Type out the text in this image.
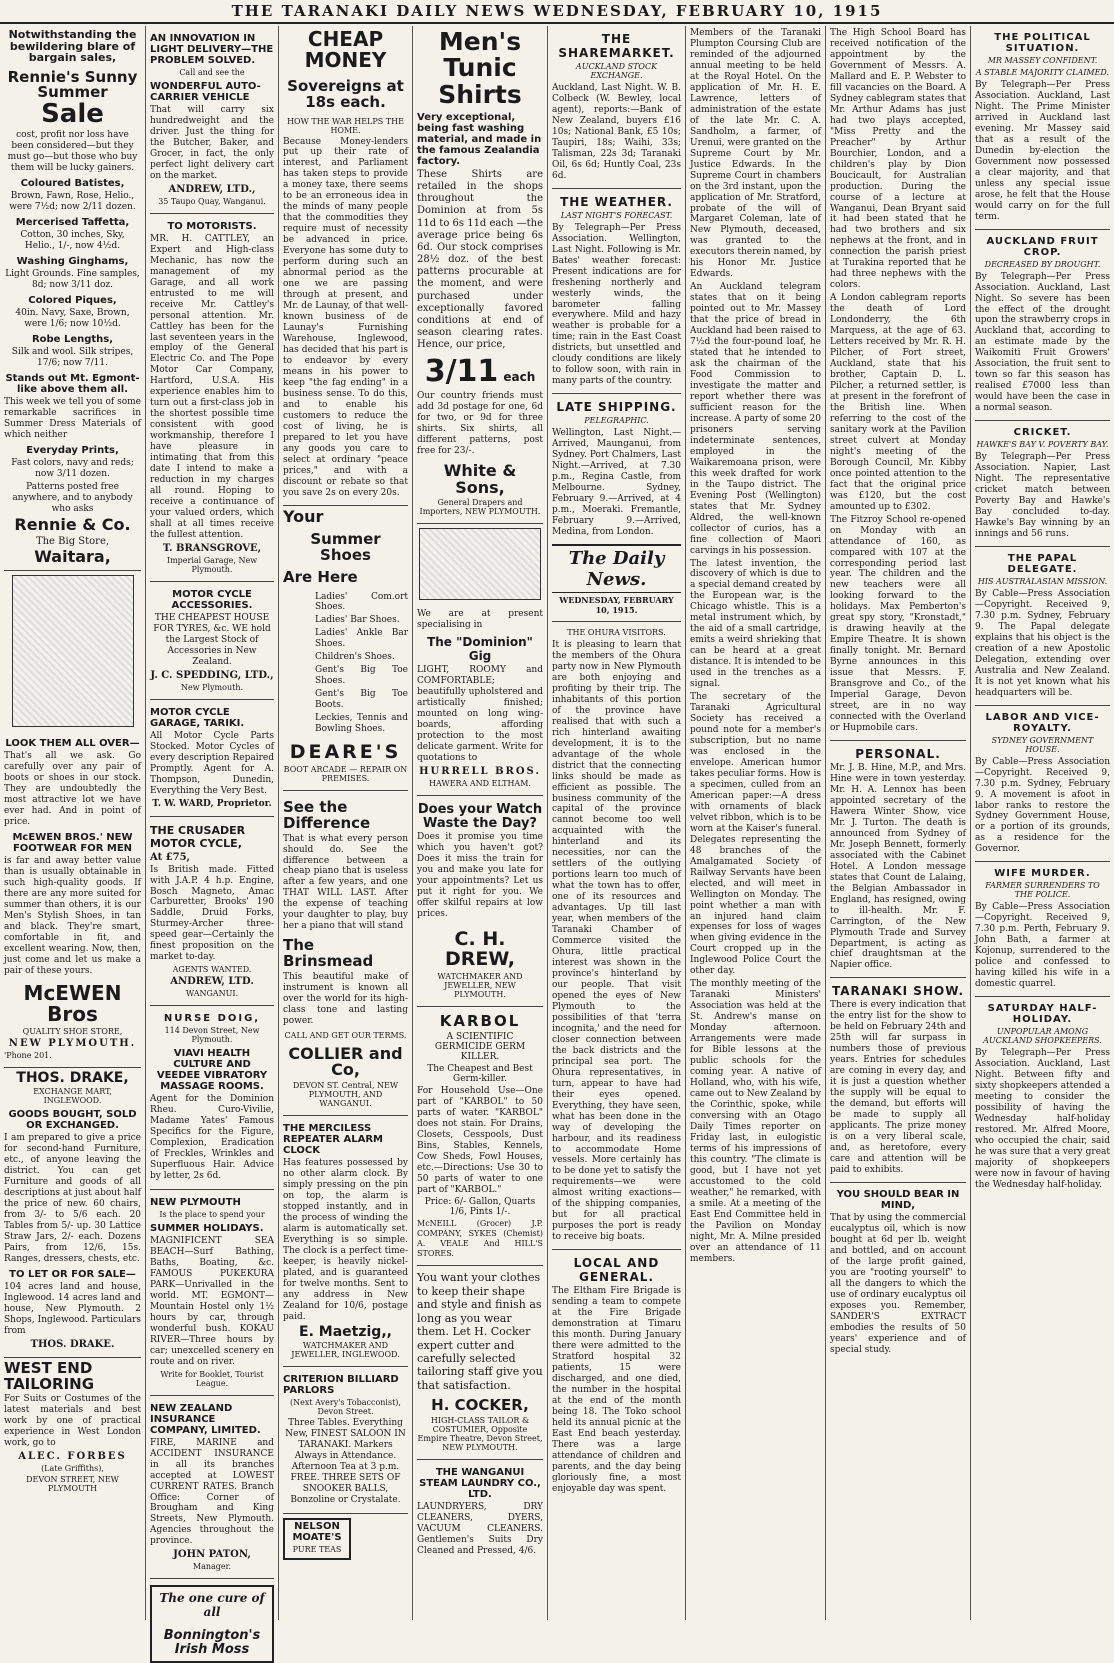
THE TARANAKI DAILY NEWS WEDNESDAY, FEBRUARY 10, 1915
Notwithstanding the bewildering blare of bargain sales,
Rennie's Sunny Summer
Sale
cost, profit nor loss have been considered—but they must go—but those who buy them will be lucky gainers.
Coloured Batistes,
Brown, Fawn, Rose, Helio., were 7½d; now 2/11 dozen.
Mercerised Taffetta,
Cotton, 30 inches, Sky, Helio., 1/-, now 4½d.
Washing Ginghams,
Light Grounds. Fine samples, 8d; now 3/11 doz.
Colored Piques,
40in. Navy, Saxe, Brown, were 1/6; now 10½d.
Robe Lengths,
Silk and wool. Silk stripes, 17/6; now 7/11.
Stands out Mt. Egmont-like above them all.
This week we tell you of some remarkable sacrifices in Summer Dress Materials of which neither
Everyday Prints,
Fast colors, navy and reds; now 3/11 dozen.
Patterns posted free anywhere, and to anybody who asks
Rennie & Co.
The Big Store,
Waitara,
LOOK THEM ALL OVER—
That's all we ask. Go carefully over any pair of boots or shoes in our stock. They are undoubtedly the most attractive lot we have ever had. And in point of price.
McEWEN BROS.' NEW FOOTWEAR FOR MEN
is far and away better value than is usually obtainable in such high-quality goods. If there are any more suited for summer than others, it is our Men's Stylish Shoes, in tan and black. They're smart, comfortable in fit, and excellent wearing. Now, then, just come and let us make a pair of these yours.
McEWEN Bros
QUALITY SHOE STORE,
NEW PLYMOUTH.
'Phone 201.
THOS. DRAKE,
EXCHANGE MART, INGLEWOOD.
GOODS BOUGHT, SOLD OR EXCHANGED.
I am prepared to give a price for second-hand Furniture, etc., of anyone leaving the district. You can get Furniture and goods of all descriptions at just about half the price of new. 60 chairs, from 3/- to 5/6 each. 20 Tables from 5/- up. 30 Lattice Straw Jars, 2/- each. Dozens Pairs, from 12/6, 15s. Ranges, dressers, chests, etc.
TO LET OR FOR SALE—
104 acres land and house, Inglewood. 14 acres land and house, New Plymouth. 2 Shops, Inglewood. Particulars from
THOS. DRAKE.
WEST END TAILORING
For Suits or Costumes of the latest materials and best work by one of practical experience in West London work, go to
ALEC. FORBES
(Late Griffiths),
DEVON STREET, NEW PLYMOUTH
AN INNOVATION IN LIGHT DELIVERY—THE PROBLEM SOLVED.
Call and see the
WONDERFUL AUTO-CARRIER VEHICLE
That will carry six hundredweight and the driver. Just the thing for the Butcher, Baker, and Grocer, in fact, the only perfect light delivery cart on the market.
ANDREW, LTD.,
35 Taupo Quay, Wanganui.
TO MOTORISTS.
MR. H. CATTLEY, an Expert and High-class Mechanic, has now the management of my Garage, and all work entrusted to me will receive Mr. Cattley's personal attention. Mr. Cattley has been for the last seventeen years in the employ of the General Electric Co. and The Pope Motor Car Company, Hartford, U.S.A. His experience enables him to turn out a first-class job in the shortest possible time consistent with good workmanship, therefore I have pleasure in intimating that from this date I intend to make a reduction in my charges all round. Hoping to receive a continuance of your valued orders, which shall at all times receive the fullest attention.
T. BRANSGROVE,
Imperial Garage, New Plymouth.
MOTOR CYCLE ACCESSORIES.
THE CHEAPEST HOUSE FOR TYRES, &c. WE hold the Largest Stock of Accessories in New Zealand.
J. C. SPEDDING, LTD.,
New Plymouth.
MOTOR CYCLE GARAGE, TARIKI.
All Motor Cycle Parts Stocked. Motor Cycles of every description Repaired Promptly. Agent for A. Thompson, Dunedin, Everything the Very Best.
T. W. WARD, Proprietor.
THE CRUSADER MOTOR CYCLE,
At £75,
Is British made. Fitted with J.A.P. 4 h.p. Engine, Bosch Magneto, Amac Carburetter, Brooks' 190 Saddle, Druid Forks, Sturmey-Archer three-speed gear—Certainly the finest proposition on the market to-day.
AGENTS WANTED.
ANDREW, LTD.
WANGANUI.
NURSE DOIG,
114 Devon Street, New Plymouth.
VIAVI HEALTH CULTURE AND VEEDEE VIBRATORY MASSAGE ROOMS.
Agent for the Dominion Rheu. Curo-Vivilie, Madame Yates' Famous Specifics for the Figure, Complexion, Eradication of Freckles, Wrinkles and Superfluous Hair. Advice by letter, 2s 6d.
NEW PLYMOUTH
Is the place to spend your
SUMMER HOLIDAYS.
MAGNIFICENT SEA BEACH—Surf Bathing, Baths, Boating, &c. FAMOUS PUKEKURA PARK—Unrivalled in the world. MT. EGMONT—Mountain Hostel only 1½ hours by car, through wonderful bush. KOKAU RIVER—Three hours by car; unexcelled scenery en route and on river.
Write for Booklet, Tourist League.
NEW ZEALAND INSURANCE COMPANY, LIMITED.
FIRE, MARINE and ACCIDENT INSURANCE in all its branches accepted at LOWEST CURRENT RATES. Branch Office: Corner of Brougham and King Streets, New Plymouth. Agencies throughout the province.
JOHN PATON,
Manager.
The one cure of all
Bonnington's Irish Moss
CHEAP MONEY
Sovereigns at 18s each.
HOW THE WAR HELPS THE HOME.
Because Money-lenders put up their rate of interest, and Parliament has taken steps to provide a money taxe, there seems to be an erroneous idea in the minds of many people that the commodities they require must of necessity be advanced in price. Everyone has some duty to perform during such an abnormal period as the one we are passing through at present, and Mr. de Launay, of that well-known business of de Launay's Furnishing Warehouse, Inglewood, has decided that his part is to endeavor by every means in his power to keep "the fag ending" in a business sense. To do this, and to enable his customers to reduce the cost of living, he is prepared to let you have any goods you care to select at ordinary "peace prices," and with a discount or rebate so that you save 2s on every 20s.
Your
Summer Shoes
Are Here
Ladies' Com.ort Shoes.
Ladies' Bar Shoes.
Ladies' Ankle Bar Shoes.
Children's Shoes.
Gent's Big Toe Shoes.
Gent's Big Toe Boots.
Leckies, Tennis and Bowling Shoes.
DEARE'S
BOOT ARCADE — REPAIR ON PREMISES.
See the Difference
That is what every person should do. See the difference between a cheap piano that is useless after a few years, and one THAT WILL LAST. After the expense of teaching your daughter to play, buy her a piano that will stand
The Brinsmead
This beautiful make of instrument is known all over the world for its high-class tone and lasting power.
CALL AND GET OUR TERMS.
COLLIER and Co,
DEVON ST. Central, NEW PLYMOUTH, AND WANGANUI.
THE MERCILESS REPEATER ALARM CLOCK
Has features possessed by no other alarm clock. By simply pressing on the pin on top, the alarm is stopped instantly, and in the process of winding the alarm is automatically set. Everything is so simple. The clock is a perfect time-keeper, is heavily nickel-plated, and is guaranteed for twelve months. Sent to any address in New Zealand for 10/6, postage paid.
E. Maetzig,,
WATCHMAKER AND JEWELLER, INGLEWOOD.
CRITERION BILLIARD PARLORS
(Next Avery's Tobacconist), Devon Street.
Three Tables. Everything New, FINEST SALOON IN TARANAKI. Markers Always in Attendance. Afternoon Tea at 3 p.m. FREE. THREE SETS OF SNOOKER BALLS, Bonzoline or Crystalate.
NELSON MOATE'S
PURE TEAS
Men's Tunic Shirts
Very exceptional, being fast washing material, and made in the famous Zealandia factory.
These Shirts are retailed in the shops throughout the Dominion at from 5s 11d to 6s 11d each —the average price being 6s 6d. Our stock comprises 28½ doz. of the best patterns procurable at the moment, and were purchased under exceptionally favored conditions at end of season clearing rates. Hence, our price,
3/11 each
Our country friends must add 3d postage for one, 6d for two, or 9d for three shirts. Six shirts, all different patterns, post free for 23/-.
White & Sons,
General Drapers and Importers, NEW PLYMOUTH.
We are at present specialising in
The "Dominion" Gig
LIGHT, ROOMY and COMFORTABLE; beautifully upholstered and artistically finished; mounted on long wing-boards, affording protection to the most delicate garment. Write for quotations to
HURRELL BROS.
HAWERA AND ELTHAM.
Does your Watch Waste the Day?
Does it promise you time which you haven't got? Does it miss the train for you and make you late for your appointments? Let us put it right for you. We offer skilful repairs at low prices.
C. H. DREW,
WATCHMAKER AND JEWELLER, NEW PLYMOUTH.
KARBOL
A SCIENTIFIC GERMICIDE GERM KILLER.
The Cheapest and Best Germ-killer.
For Household Use—One part of "KARBOL" to 50 parts of water. "KARBOL" does not stain. For Drains, Closets, Cesspools, Dust Bins, Stables, Kennels, Cow Sheds, Fowl Houses, etc.—Directions: Use 30 to 50 parts of water to one part of "KARBOL."
Price: 6/- Gallon, Quarts 1/6, Pints 1/-.
McNEILL (Grocer) J.P. COMPANY, SYKES (Chemist) A. VEALE And HILL'S STORES.
You want your clothes to keep their shape and style and finish as long as you wear them. Let H. Cocker expert cutter and carefully selected tailoring staff give you that satisfaction.
H. COCKER,
HIGH-CLASS TAILOR & COSTUMIER, Opposite Empire Theatre, Devon Street, NEW PLYMOUTH.
THE WANGANUI STEAM LAUNDRY CO., LTD.
LAUNDRYERS, DRY CLEANERS, DYERS, VACUUM CLEANERS. Gentlemen's Suits Dry Cleaned and Pressed, 4/6.
THE SHAREMARKET.
AUCKLAND STOCK EXCHANGE.
Auckland, Last Night. W. B. Colbeck (W. Bewley, local agent), reports:—Bank of New Zealand, buyers £16 10s; National Bank, £5 10s; Taupiri, 18s; Waihi, 33s; Talisman, 22s 3d; Taranaki Oil, 6s 6d; Huntly Coal, 23s 6d.
THE WEATHER.
LAST NIGHT'S FORECAST.
By Telegraph—Per Press Association. Wellington, Last Night. Following is Mr. Bates' weather forecast: Present indications are for freshening northerly and westerly winds, the barometer falling everywhere. Mild and hazy weather is probable for a time; rain in the East Coast districts, but unsettled and cloudy conditions are likely to follow soon, with rain in many parts of the country.
LATE SHIPPING.
PELEGRAPHIC.
Wellington, Last Night.—Arrived, Maunganui, from Sydney. Port Chalmers, Last Night.—Arrived, at 7.30 p.m., Regina Castle, from Melbourne. Sydney, February 9.—Arrived, at 4 p.m., Moeraki. Fremantle, February 9.—Arrived, Medina, from London.
The Daily News.
WEDNESDAY, FEBRUARY 10, 1915.
THE OHURA VISITORS.
It is pleasing to learn that the members of the Ohura party now in New Plymouth are both enjoying and profiting by their trip. The inhabitants of this portion of the province have realised that with such a rich hinterland awaiting development, it is to the advantage of the whole district that the connecting links should be made as efficient as possible. The business community of the capital of the province cannot become too well acquainted with the hinterland and its necessities, nor can the settlers of the outlying portions learn too much of what the town has to offer, one of its resources and advantages. Up till last year, when members of the Taranaki Chamber of Commerce visited the Ohura, little practical interest was shown in the province's hinterland by our people. That visit opened the eyes of New Plymouth to the possibilities of that 'terra incognita,' and the need for closer connection between the back districts and the principal sea port. The Ohura representatives, in turn, appear to have had their eyes opened. Everything, they have seen, what has been done in the way of developing the harbour, and its readiness to accommodate Home vessels. More certainly has to be done yet to satisfy the requirements—we were almost writing exactions—of the shipping companies, but for all practical purposes the port is ready to receive big boats.
LOCAL AND GENERAL.
The Eltham Fire Brigade is sending a team to compete at the Fire Brigade demonstration at Timaru this month. During January there were admitted to the Stratford hospital 32 patients, 15 were discharged, and one died, the number in the hospital at the end of the month being 18. The Toko school held its annual picnic at the East End beach yesterday. There was a large attendance of children and parents, and the day being gloriously fine, a most enjoyable day was spent.
Members of the Taranaki Plumpton Coursing Club are reminded of the adjourned annual meeting to be held at the Royal Hotel. On the application of Mr. H. E. Lawrence, letters of administration of the estate of the late Mr. C. A. Sandholm, a farmer, of Urenui, were granted on the Supreme Court by Mr. Justice Edwards. In the Supreme Court in chambers on the 3rd instant, upon the application of Mr. Stratford, probate of the will of Margaret Coleman, late of New Plymouth, deceased, was granted to the executors therein named, by his Honor Mr. Justice Edwards.
An Auckland telegram states that on it being pointed out to Mr. Massey that the price of bread in Auckland had been raised to 7½d the four-pound loaf, he stated that he intended to ask the chairman of the Food Commission to investigate the matter and report whether there was sufficient reason for the increase. A party of some 20 prisoners serving indeterminate sentences, employed in the Waikaremoana prison, were this week drafted for work in the Taupo district. The Evening Post (Wellington) states that Mr. Sydney Aldred, the well-known collector of curios, has a fine collection of Maori carvings in his possession.
The latest invention, the discovery of which is due to a special demand created by the European war, is the Chicago whistle. This is a metal instrument which, by the aid of a small cartridge, emits a weird shrieking that can be heard at a great distance. It is intended to be used in the trenches as a signal.
The secretary of the Taranaki Agricultural Society has received a pound note for a member's subscription, but no name was enclosed in the envelope. American humor takes peculiar forms. How is a specimen, culled from an American paper:—A dress with ornaments of black velvet ribbon, which is to be worn at the Kaiser's funeral. Delegates representing the 48 branches of the Amalgamated Society of Railway Servants have been elected, and will meet in Wellington on Monday. The point whether a man with an injured hand claim expenses for loss of wages when giving evidence in the Court cropped up in the Inglewood Police Court the other day.
The monthly meeting of the Taranaki Ministers' Association was held at the St. Andrew's manse on Monday afternoon. Arrangements were made for Bible lessons at the public schools for the coming year. A native of Holland, who, with his wife, came out to New Zealand by the Corinthic, spoke, while conversing with an Otago Daily Times reporter on Friday last, in eulogistic terms of his impressions of this country. "The climate is good, but I have not yet accustomed to the cold weather," he remarked, with a smile. At a meeting of the East End Committee held in the Pavilion on Monday night, Mr. A. Milne presided over an attendance of 11 members.
The High School Board has received notification of the appointment by the Government of Messrs. A. Mallard and E. P. Webster to fill vacancies on the Board. A Sydney cablegram states that Mr. Arthur Adams has just had two plays accepted, "Miss Pretty and the Preacher" by Arthur Bourchier, London, and a children's play by Dion Boucicault, for Australian production. During the course of a lecture at Wanganui, Dean Bryant said it had been stated that he had two brothers and six nephews at the front, and in connection the parish priest at Turakina reported that he had three nephews with the colors.
A London cablegram reports the death of Lord Londonderry, the 6th Marquess, at the age of 63. Letters received by Mr. R. H. Pilcher, of Fort street, Auckland, state that his brother, Captain D. L. Pilcher, a returned settler, is at present in the forefront of the British line. When referring to the cost of the sanitary work at the Pavilion street culvert at Monday night's meeting of the Borough Council, Mr. Kibby once pointed attention to the fact that the original price was £120, but the cost amounted up to £302.
The Fitzroy School re-opened on Monday with an attendance of 160, as compared with 107 at the corresponding period last year. The children and the new teachers were all looking forward to the holidays. Max Pemberton's great spy story, "Kronstadt," is drawing heavily at the Empire Theatre. It is shown finally tonight. Mr. Bernard Byrne announces in this issue that Messrs. F. Bransgrove and Co., of the Imperial Garage, Devon street, are in no way connected with the Overland or Hupmobile cars.
PERSONAL.
Mr. J. B. Hine, M.P., and Mrs. Hine were in town yesterday. Mr. H. A. Lennox has been appointed secretary of the Hawera Winter Show, vice Mr. J. Turton. The death is announced from Sydney of Mr. Joseph Bennett, formerly associated with the Cabinet Hotel. A London message states that Count de Lalaing, the Belgian Ambassador in England, has resigned, owing to ill-health. Mr. F. Carrington, of the New Plymouth Trade and Survey Department, is acting as chief draughtsman at the Napier office.
TARANAKI SHOW.
There is every indication that the entry list for the show to be held on February 24th and 25th will far surpass in numbers those of previous years. Entries for schedules are coming in every day, and it is just a question whether the supply will be equal to the demand, but efforts will be made to supply all applicants. The prize money is on a very liberal scale, and, as heretofore, every care and attention will be paid to exhibits.
YOU SHOULD BEAR IN MIND,
That by using the commercial eucalyptus oil, which is now bought at 6d per lb. weight and bottled, and on account of the large profit gained, you are "rooting yourself" to all the dangers to which the use of ordinary eucalyptus oil exposes you. Remember, SANDER'S EXTRACT embodies the results of 50 years' experience and of special study.
THE POLITICAL SITUATION.
MR MASSEY CONFIDENT.
A STABLE MAJORITY CLAIMED.
By Telegraph—Per Press Association. Auckland, Last Night. The Prime Minister arrived in Auckland last evening. Mr Massey said that as a result of the Dunedin by-election the Government now possessed a clear majority, and that unless any special issue arose, he felt that the House would carry on for the full term.
AUCKLAND FRUIT CROP.
DECREASED BY DROUGHT.
By Telegraph—Per Press Association. Auckland, Last Night. So severe has been the effect of the drought upon the strawberry crops in Auckland that, according to an estimate made by the Waikomiti Fruit Growers' Association, the fruit sent to town so far this season has realised £7000 less than would have been the case in a normal season.
CRICKET.
HAWKE'S BAY V. POVERTY BAY.
By Telegraph—Per Press Association. Napier, Last Night. The representative cricket match between Poverty Bay and Hawke's Bay concluded to-day. Hawke's Bay winning by an innings and 56 runs.
THE PAPAL DELEGATE.
HIS AUSTRALASIAN MISSION.
By Cable—Press Association—Copyright. Received 9, 7.30 p.m. Sydney, February 9. The Papal delegate explains that his object is the creation of a new Apostolic Delegation, extending over Australia and New Zealand. It is not yet known what his headquarters will be.
LABOR AND VICE-ROYALTY.
SYDNEY GOVERNMENT HOUSE.
By Cable—Press Association—Copyright. Received 9, 7.30 p.m. Sydney, February 9. A movement is afoot in labor ranks to restore the Sydney Government House, or a portion of its grounds, as a residence for the Governor.
WIFE MURDER.
FARMER SURRENDERS TO THE POLICE.
By Cable—Press Association—Copyright. Received 9, 7.30 p.m. Perth, February 9. John Bath, a farmer at Kojonup, surrendered to the police and confessed to having killed his wife in a domestic quarrel.
SATURDAY HALF-HOLIDAY.
UNPOPULAR AMONG AUCKLAND SHOPKEEPERS.
By Telegraph—Per Press Association. Auckland, Last Night. Between fifty and sixty shopkeepers attended a meeting to consider the possibility of having the Wednesday half-holiday restored. Mr. Alfred Moore, who occupied the chair, said he was sure that a very great majority of shopkeepers were now in favour of having the Wednesday half-holiday.
